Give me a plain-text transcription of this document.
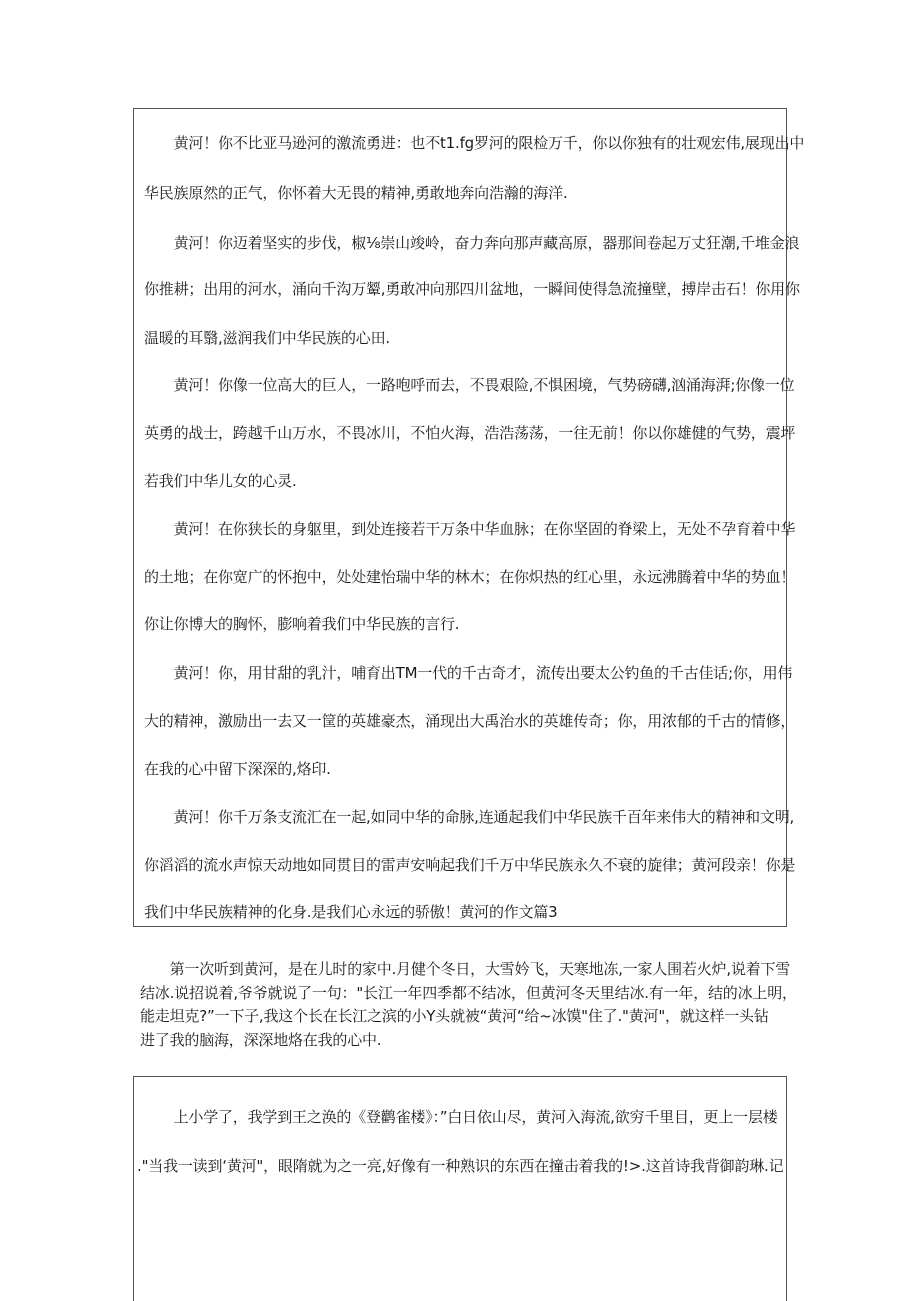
　　黄河！你不比亚马逊河的激流勇进：也不t1.fg罗河的限检万千，你以你独有的壮观宏伟,展现出中
华民族原然的正气，你怀着大无畏的精神,勇敢地奔向浩瀚的海洋.
　　黄河！你迈着坚实的步伐，椒⅛崇山竣岭，奋力奔向那声藏高原，器那间卷起万丈狂潮,千堆金浪
你推耕；出用的河水，涌向千沟万颦,勇敢冲向那四川盆地，一瞬间使得急流撞壁，搏岸击石！你用你
温暖的耳翳,滋润我们中华民族的心田.
　　黄河！你像一位高大的巨人，一路咆呼而去，不畏艰险,不惧困境，气势磅礴,汹涌海湃;你像一位
英勇的战士，跨越千山万水，不畏冰川，不怕火海，浩浩荡荡，一往无前！你以你雄健的气势，震坪
若我们中华儿女的心灵.
　　黄河！在你狭长的身躯里，到处连接若干万条中华血脉；在你坚固的脊梁上，无处不孕育着中华
的土地；在你宽广的怀抱中，处处建怡瑞中华的林木；在你炽热的红心里，永远沸腾着中华的势血！
你让你博大的胸怀，膨响着我们中华民族的言行.
　　黄河！你，用甘甜的乳汁，哺育出TM一代的千古奇才，流传出要太公钓鱼的千古佳话;你，用伟
大的精神，激励出一去又一筐的英雄豪杰，涌现出大禹治水的英雄传奇；你，用浓郁的千古的情修，
在我的心中留下深深的,烙印.
　　黄河！你千万条支流汇在一起,如同中华的命脉,连通起我们中华民族千百年来伟大的精神和文明,
你滔滔的流水声惊天动地如同贯目的雷声安响起我们千万中华民族永久不衰的旋律；黄河段亲！你是
我们中华民族精神的化身.是我们心永远的骄傲！黄河的作文篇3

　　第一次听到黄河，是在儿时的家中.月健个冬日，大雪妗飞，天寒地冻,一家人围若火炉,说着下雪

结冰.说招说着,爷爷就说了一句："长江一年四季都不结冰，但黄河冬天里结冰.有一年，结的冰上明，

能走坦克?”一下子,我这个长在长江之滨的小Y头就被“黄河“给~冰馍"住了."黄河"，就这样一头钻

进了我的脑海，深深地烙在我的心中.

　　上小学了，我学到王之涣的《登鹳雀楼》：”白日依山尽，黄河入海流,欲穷千里目，更上一层楼
."当我一读到‘黄河"，眼隋就为之一亮,好像有一种熟识的东西在撞击着我的!>.这首诗我背御韵琳.记
